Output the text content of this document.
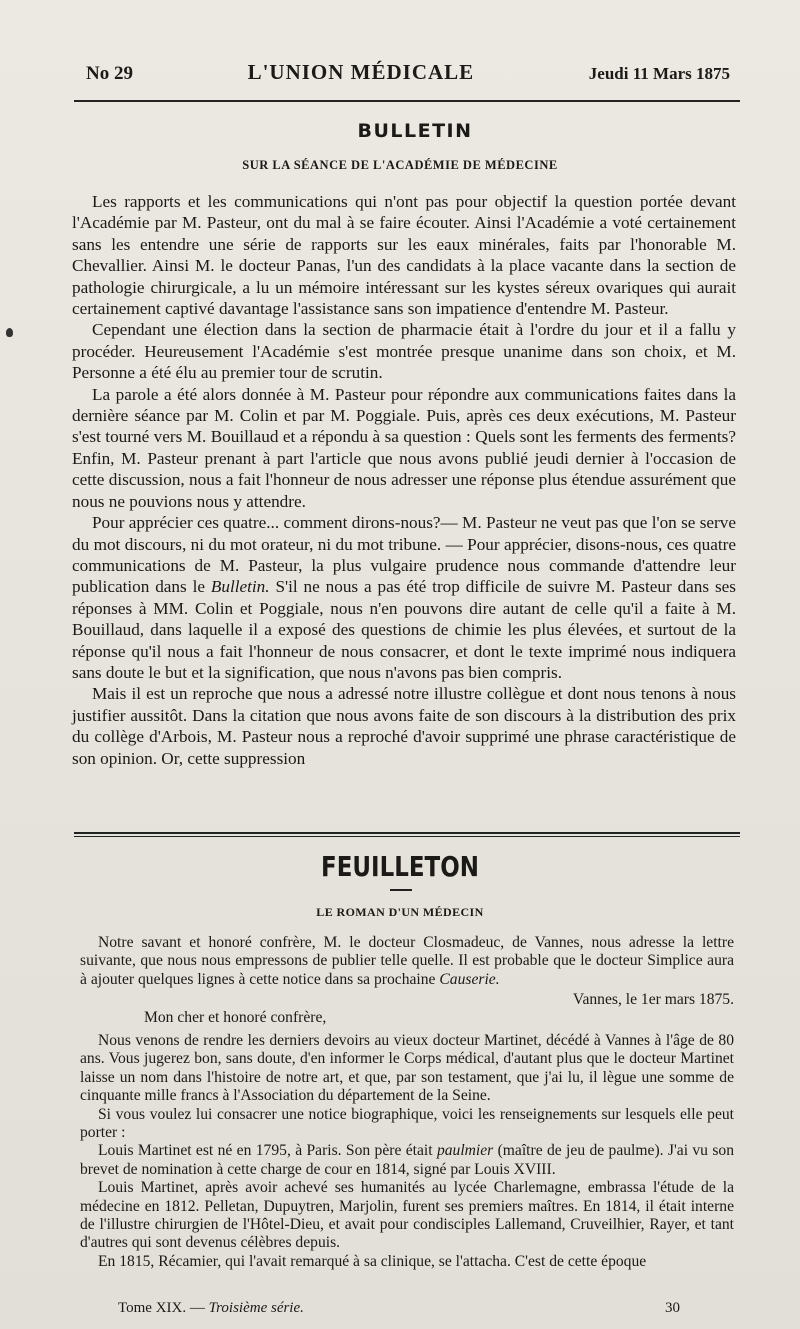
No 29	L'UNION MÉDICALE	Jeudi 11 Mars 1875
BULLETIN
SUR LA SÉANCE DE L'ACADÉMIE DE MÉDECINE

Les rapports et les communications qui n'ont pas pour objectif la question portée devant l'Académie par M. Pasteur, ont du mal à se faire écouter. Ainsi l'Académie a voté certainement sans les entendre une série de rapports sur les eaux minérales, faits par l'honorable M. Chevallier. Ainsi M. le docteur Panas, l'un des candidats à la place vacante dans la section de pathologie chirurgicale, a lu un mémoire intéressant sur les kystes séreux ovariques qui aurait certainement captivé davantage l'assistance sans son impatience d'entendre M. Pasteur.

Cependant une élection dans la section de pharmacie était à l'ordre du jour et il a fallu y procéder. Heureusement l'Académie s'est montrée presque unanime dans son choix, et M. Personne a été élu au premier tour de scrutin.

La parole a été alors donnée à M. Pasteur pour répondre aux communications faites dans la dernière séance par M. Colin et par M. Poggiale. Puis, après ces deux exécutions, M. Pasteur s'est tourné vers M. Bouillaud et a répondu à sa question : Quels sont les ferments des ferments? Enfin, M. Pasteur prenant à part l'article que nous avons publié jeudi dernier à l'occasion de cette discussion, nous a fait l'honneur de nous adresser une réponse plus étendue assurément que nous ne pouvions nous y attendre.

Pour apprécier ces quatre... comment dirons-nous?— M. Pasteur ne veut pas que l'on se serve du mot discours, ni du mot orateur, ni du mot tribune. — Pour apprécier, disons-nous, ces quatre communications de M. Pasteur, la plus vulgaire prudence nous commande d'attendre leur publication dans le Bulletin. S'il ne nous a pas été trop difficile de suivre M. Pasteur dans ses réponses à MM. Colin et Poggiale, nous n'en pouvons dire autant de celle qu'il a faite à M. Bouillaud, dans laquelle il a exposé des questions de chimie les plus élevées, et surtout de la réponse qu'il nous a fait l'honneur de nous consacrer, et dont le texte imprimé nous indiquera sans doute le but et la signification, que nous n'avons pas bien compris.

Mais il est un reproche que nous a adressé notre illustre collègue et dont nous tenons à nous justifier aussitôt. Dans la citation que nous avons faite de son discours à la distribution des prix du collège d'Arbois, M. Pasteur nous a reproché d'avoir supprimé une phrase caractéristique de son opinion. Or, cette suppression

FEUILLETON
LE ROMAN D'UN MÉDECIN

Notre savant et honoré confrère, M. le docteur Closmadeuc, de Vannes, nous adresse la lettre suivante, que nous nous empressons de publier telle quelle. Il est probable que le docteur Simplice aura à ajouter quelques lignes à cette notice dans sa prochaine Causerie.

Vannes, le 1er mars 1875.

Mon cher et honoré confrère,

Nous venons de rendre les derniers devoirs au vieux docteur Martinet, décédé à Vannes à l'âge de 80 ans. Vous jugerez bon, sans doute, d'en informer le Corps médical, d'autant plus que le docteur Martinet laisse un nom dans l'histoire de notre art, et que, par son testament, que j'ai lu, il lègue une somme de cinquante mille francs à l'Association du département de la Seine.

Si vous voulez lui consacrer une notice biographique, voici les renseignements sur lesquels elle peut porter :

Louis Martinet est né en 1795, à Paris. Son père était paulmier (maître de jeu de paulme). J'ai vu son brevet de nomination à cette charge de cour en 1814, signé par Louis XVIII.

Louis Martinet, après avoir achevé ses humanités au lycée Charlemagne, embrassa l'étude de la médecine en 1812. Pelletan, Dupuytren, Marjolin, furent ses premiers maîtres. En 1814, il était interne de l'illustre chirurgien de l'Hôtel-Dieu, et avait pour condisciples Lallemand, Cruveilhier, Rayer, et tant d'autres qui sont devenus célèbres depuis.

En 1815, Récamier, qui l'avait remarqué à sa clinique, se l'attacha. C'est de cette époque

Tome XIX. — Troisième série.	30
